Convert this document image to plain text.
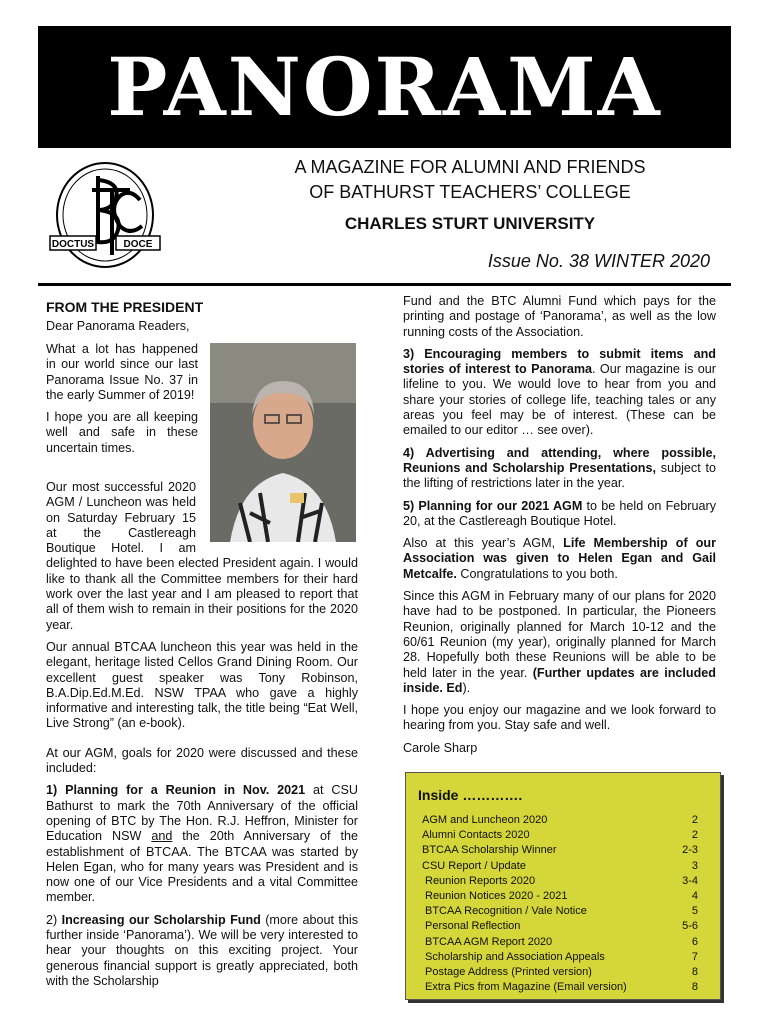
PANORAMA
DOCTUS	DOCE
A MAGAZINE FOR ALUMNI AND FRIENDS
OF BATHURST TEACHERS’ COLLEGE
CHARLES STURT UNIVERSITY
Issue No. 38 WINTER 2020
FROM THE PRESIDENT

Dear Panorama Readers,

What a lot has happened in our world since our last Panorama Issue No. 37 in the early Summer of 2019!

I hope you are all keeping well and safe in these uncertain times.

Our most successful 2020 AGM / Luncheon was held on Saturday February 15 at the Castlereagh Boutique Hotel. I am delighted to have been elected President again. I would like to thank all the Committee members for their hard work over the last year and I am pleased to report that all of them wish to remain in their positions for the 2020 year.

Our annual BTCAA luncheon this year was held in the elegant, heritage listed Cellos Grand Dining Room. Our excellent guest speaker was Tony Robinson, B.A.Dip.Ed.M.Ed. NSW TPAA who gave a highly informative and interesting talk, the title being “Eat Well, Live Strong” (an e-book).

At our AGM, goals for 2020 were discussed and these included:

1) Planning for a Reunion in Nov. 2021 at CSU Bathurst to mark the 70th Anniversary of the official opening of BTC by The Hon. R.J. Heffron, Minister for Education NSW and the 20th Anniversary of the establishment of BTCAA. The BTCAA was started by Helen Egan, who for many years was President and is now one of our Vice Presidents and a vital Committee member.

2) Increasing our Scholarship Fund (more about this further inside ‘Panorama’). We will be very interested to hear your thoughts on this exciting project. Your generous financial support is greatly appreciated, both with the Scholarship

Fund and the BTC Alumni Fund which pays for the printing and postage of ‘Panorama’, as well as the low running costs of the Association.

3) Encouraging members to submit items and stories of interest to Panorama. Our magazine is our lifeline to you. We would love to hear from you and share your stories of college life, teaching tales or any areas you feel may be of interest. (These can be emailed to our editor … see over).

4) Advertising and attending, where possible, Reunions and Scholarship Presentations, subject to the lifting of restrictions later in the year.

5) Planning for our 2021 AGM to be held on February 20, at the Castlereagh Boutique Hotel.

Also at this year’s AGM, Life Membership of our Association was given to Helen Egan and Gail Metcalfe. Congratulations to you both.

Since this AGM in February many of our plans for 2020 have had to be postponed. In particular, the Pioneers Reunion, originally planned for March 10-12 and the 60/61 Reunion (my year), originally planned for March 28. Hopefully both these Reunions will be able to be held later in the year. (Further updates are included inside. Ed).

I hope you enjoy our magazine and we look forward to hearing from you. Stay safe and well.

Carole Sharp

Inside ………….
AGM and Luncheon 2020	2
Alumni Contacts 2020	2
BTCAA Scholarship Winner	2-3
CSU Report / Update	3
Reunion Reports 2020	3-4
Reunion Notices 2020 - 2021	4
BTCAA Recognition / Vale Notice	5
Personal Reflection	5-6
BTCAA AGM Report 2020	6
Scholarship and Association Appeals	7
Postage Address (Printed version)	8
Extra Pics from Magazine (Email version)	8
